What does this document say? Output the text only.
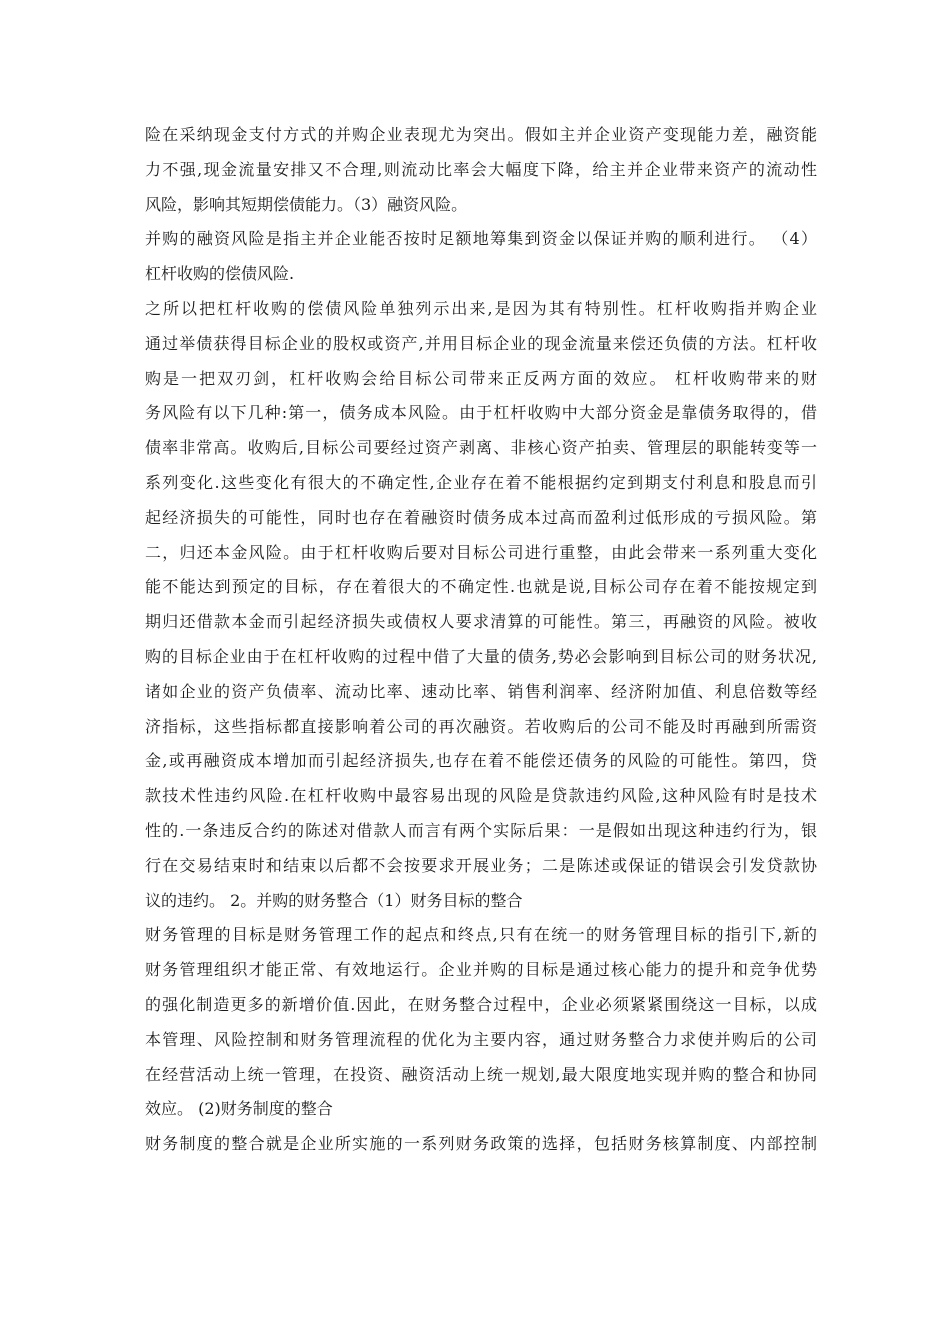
险在采纳现金支付方式的并购企业表现尤为突出。假如主并企业资产变现能力差，融资能
力不强,现金流量安排又不合理,则流动比率会大幅度下降，给主并企业带来资产的流动性
风险，影响其短期偿债能力。（3）融资风险。
并购的融资风险是指主并企业能否按时足额地筹集到资金以保证并购的顺利进行。 （4）
杠杆收购的偿债风险.
之所以把杠杆收购的偿债风险单独列示出来,是因为其有特别性。杠杆收购指并购企业
通过举债获得目标企业的股权或资产,并用目标企业的现金流量来偿还负债的方法。杠杆收
购是一把双刃剑，杠杆收购会给目标公司带来正反两方面的效应。 杠杆收购带来的财
务风险有以下几种:第一，债务成本风险。由于杠杆收购中大部分资金是靠债务取得的，借
债率非常高。收购后,目标公司要经过资产剥离、非核心资产拍卖、管理层的职能转变等一
系列变化.这些变化有很大的不确定性,企业存在着不能根据约定到期支付利息和股息而引
起经济损失的可能性，同时也存在着融资时债务成本过高而盈利过低形成的亏损风险。第
二，归还本金风险。由于杠杆收购后要对目标公司进行重整，由此会带来一系列重大变化
能不能达到预定的目标，存在着很大的不确定性.也就是说,目标公司存在着不能按规定到
期归还借款本金而引起经济损失或债权人要求清算的可能性。第三，再融资的风险。被收
购的目标企业由于在杠杆收购的过程中借了大量的债务,势必会影响到目标公司的财务状况,
诸如企业的资产负债率、流动比率、速动比率、销售利润率、经济附加值、利息倍数等经
济指标，这些指标都直接影响着公司的再次融资。若收购后的公司不能及时再融到所需资
金,或再融资成本增加而引起经济损失,也存在着不能偿还债务的风险的可能性。第四，贷
款技术性违约风险.在杠杆收购中最容易出现的风险是贷款违约风险,这种风险有时是技术
性的.一条违反合约的陈述对借款人而言有两个实际后果：一是假如出现这种违约行为，银
行在交易结束时和结束以后都不会按要求开展业务；二是陈述或保证的错误会引发贷款协
议的违约。 2。并购的财务整合（1）财务目标的整合
财务管理的目标是财务管理工作的起点和终点,只有在统一的财务管理目标的指引下,新的
财务管理组织才能正常、有效地运行。企业并购的目标是通过核心能力的提升和竞争优势
的强化制造更多的新增价值.因此，在财务整合过程中，企业必须紧紧围绕这一目标，以成
本管理、风险控制和财务管理流程的优化为主要内容，通过财务整合力求使并购后的公司
在经营活动上统一管理，在投资、融资活动上统一规划,最大限度地实现并购的整合和协同
效应。 (2)财务制度的整合
财务制度的整合就是企业所实施的一系列财务政策的选择，包括财务核算制度、内部控制
